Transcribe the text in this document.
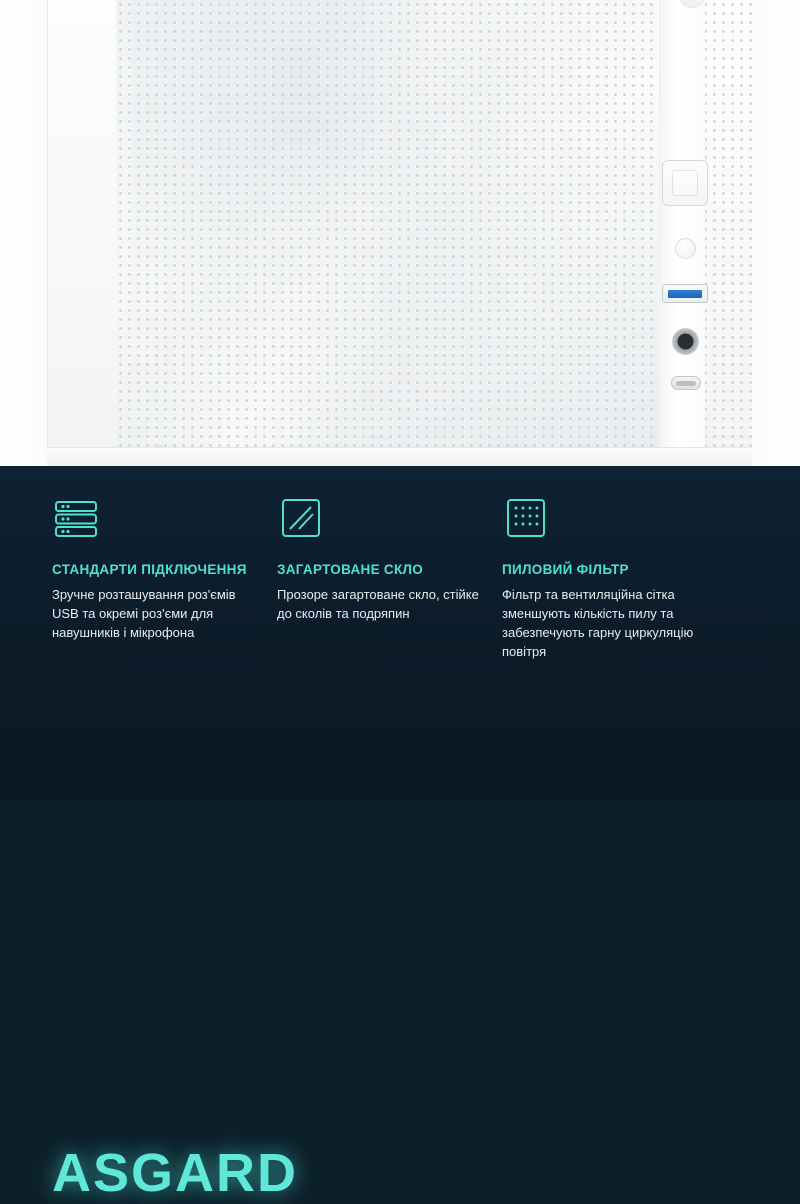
СТАНДАРТИ ПІДКЛЮЧЕННЯ
Зручне розташування роз'ємів USB та окремі роз'єми для навушників і мікрофона
ЗАГАРТОВАНЕ СКЛО
Прозоре загартоване скло, стійке до сколів та подряпин
ПИЛОВИЙ ФІЛЬТР
Фільтр та вентиляційна сітка зменшують кількість пилу та забезпечують гарну циркуляцію повітря
ASGARD
